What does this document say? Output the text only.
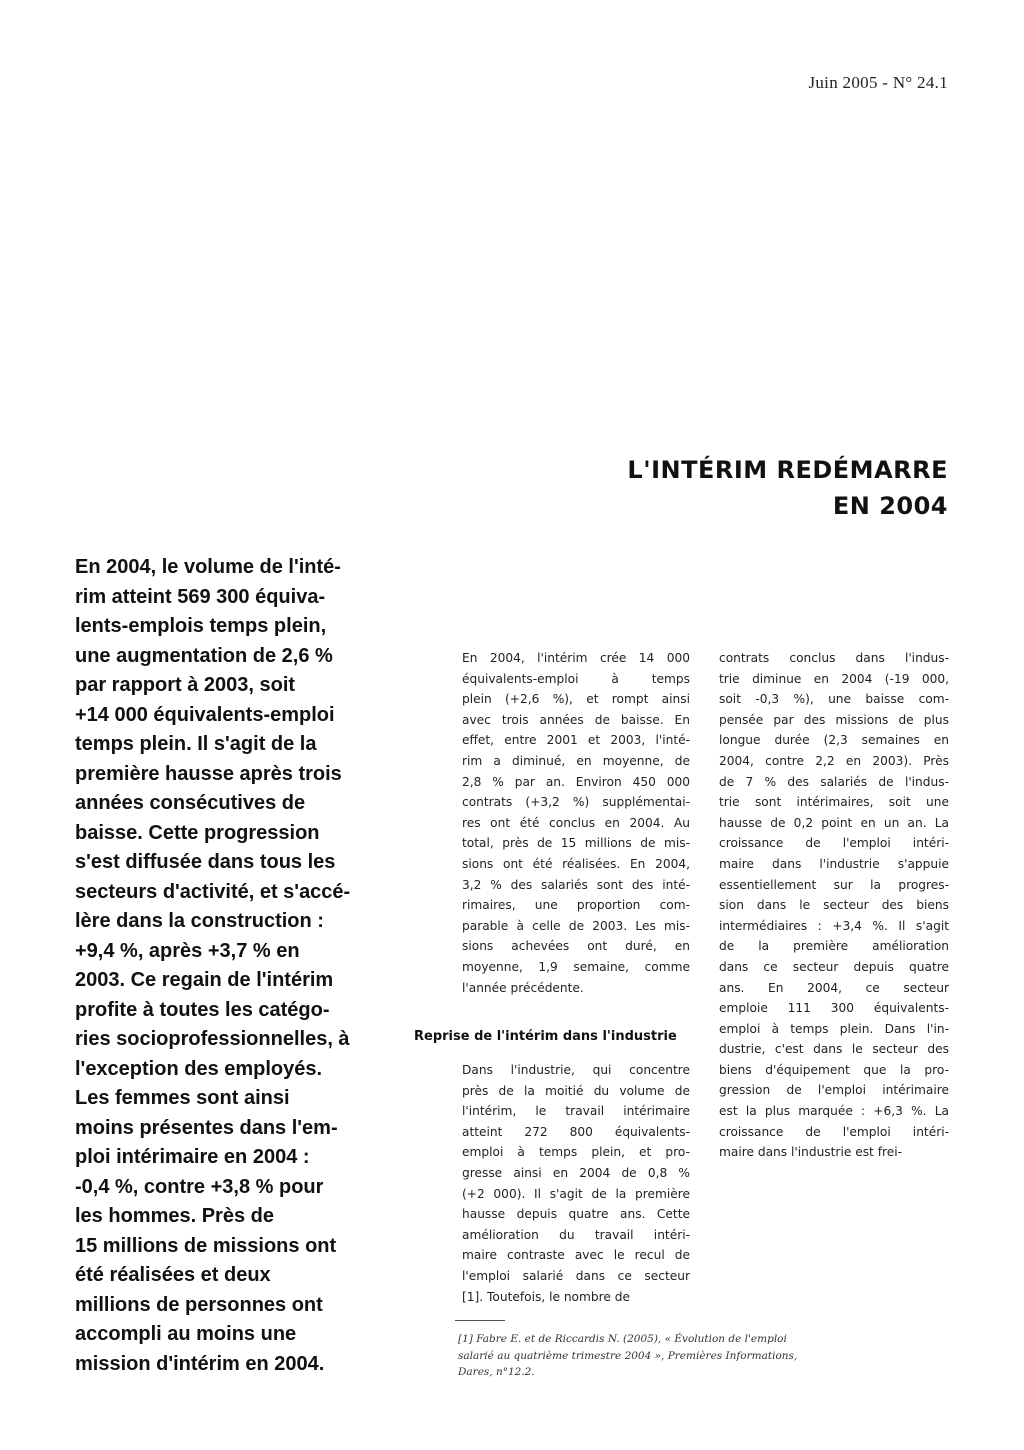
Juin 2005 - N° 24.1
L'INTÉRIM REDÉMARRE
EN 2004
En 2004, le volume de l'inté-
rim atteint 569 300 équiva-
lents-emplois temps plein,
une augmentation de 2,6 %
par rapport à 2003, soit
+14 000 équivalents-emploi
temps plein. Il s'agit de la
première hausse après trois
années consécutives de
baisse. Cette progression
s'est diffusée dans tous les
secteurs d'activité, et s'accé-
lère dans la construction :
+9,4 %, après +3,7 % en
2003. Ce regain de l'intérim
profite à toutes les catégo-
ries socioprofessionnelles, à
l'exception des employés.
Les femmes sont ainsi
moins présentes dans l'em-
ploi intérimaire en 2004 :
-0,4 %, contre +3,8 % pour
les hommes. Près de
15 millions de missions ont
été réalisées et deux
millions de personnes ont
accompli au moins une
mission d'intérim en 2004.
En 2004, l'intérim crée 14 000
équivalents-emploi à temps
plein (+2,6 %), et rompt ainsi
avec trois années de baisse. En
effet, entre 2001 et 2003, l'inté-
rim a diminué, en moyenne, de
2,8 % par an. Environ 450 000
contrats (+3,2 %) supplémentai-
res ont été conclus en 2004. Au
total, près de 15 millions de mis-
sions ont été réalisées. En 2004,
3,2 % des salariés sont des inté-
rimaires, une proportion com-
parable à celle de 2003. Les mis-
sions achevées ont duré, en
moyenne, 1,9 semaine, comme
l'année précédente.
Reprise de l'intérim dans l'industrie
Dans l'industrie, qui concentre
près de la moitié du volume de
l'intérim, le travail intérimaire
atteint 272 800 équivalents-
emploi à temps plein, et pro-
gresse ainsi en 2004 de 0,8 %
(+2 000). Il s'agit de la première
hausse depuis quatre ans. Cette
amélioration du travail intéri-
maire contraste avec le recul de
l'emploi salarié dans ce secteur
[1]. Toutefois, le nombre de
contrats conclus dans l'indus-
trie diminue en 2004 (-19 000,
soit -0,3 %), une baisse com-
pensée par des missions de plus
longue durée (2,3 semaines en
2004, contre 2,2 en 2003). Près
de 7 % des salariés de l'indus-
trie sont intérimaires, soit une
hausse de 0,2 point en un an. La
croissance de l'emploi intéri-
maire dans l'industrie s'appuie
essentiellement sur la progres-
sion dans le secteur des biens
intermédiaires : +3,4 %. Il s'agit
de la première amélioration
dans ce secteur depuis quatre
ans. En 2004, ce secteur
emploie 111 300 équivalents-
emploi à temps plein. Dans l'in-
dustrie, c'est dans le secteur des
biens d'équipement que la pro-
gression de l'emploi intérimaire
est la plus marquée : +6,3 %. La
croissance de l'emploi intéri-
maire dans l'industrie est frei-
[1] Fabre E. et de Riccardis N. (2005), « Évolution de l'emploi
salarié au quatrième trimestre 2004 », Premières Informations,
Dares, n°12.2.
